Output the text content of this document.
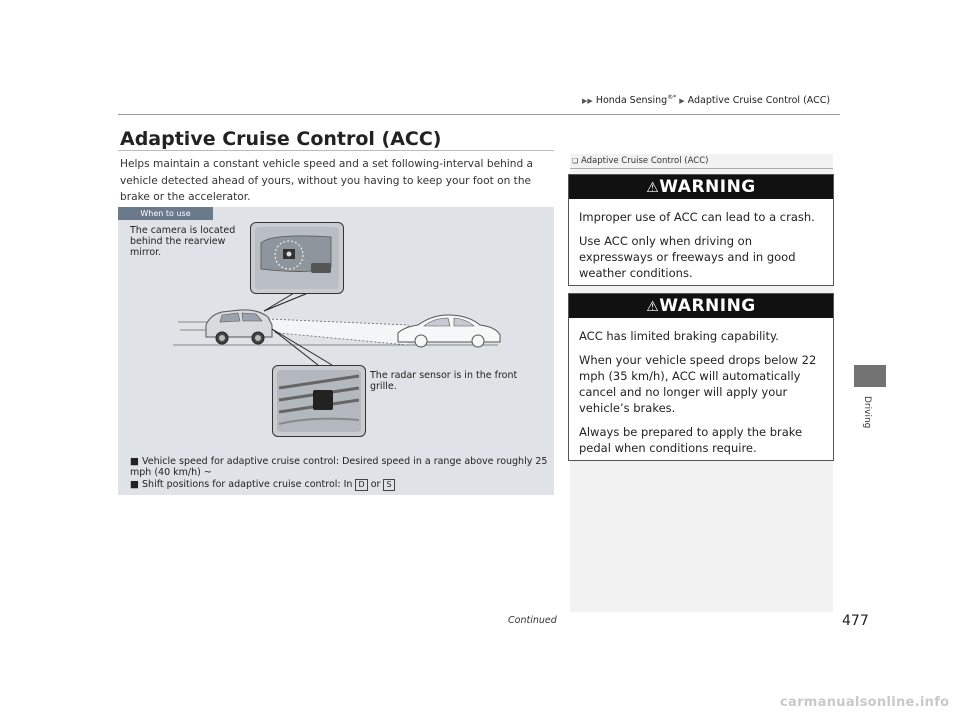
▶▶ Honda Sensing®* ▶ Adaptive Cruise Control (ACC)
Adaptive Cruise Control (ACC)
Helps maintain a constant vehicle speed and a set following-interval behind a vehicle detected ahead of yours, without you having to keep your foot on the brake or the accelerator.
When to use
The camera is located behind the rearview mirror.
The radar sensor is in the front grille.
■ Vehicle speed for adaptive cruise control: Desired speed in a range above roughly 25 mph (40 km/h) ~
■ Shift positions for adaptive cruise control: In D or S
❏ Adaptive Cruise Control (ACC)
⚠WARNING

Improper use of ACC can lead to a crash.

Use ACC only when driving on expressways or freeways and in good weather conditions.

⚠WARNING

ACC has limited braking capability.

When your vehicle speed drops below 22 mph (35 km/h), ACC will automatically cancel and no longer will apply your vehicle’s brakes.

Always be prepared to apply the brake pedal when conditions require.

Driving
Continued	477
carmanualsonline.info
